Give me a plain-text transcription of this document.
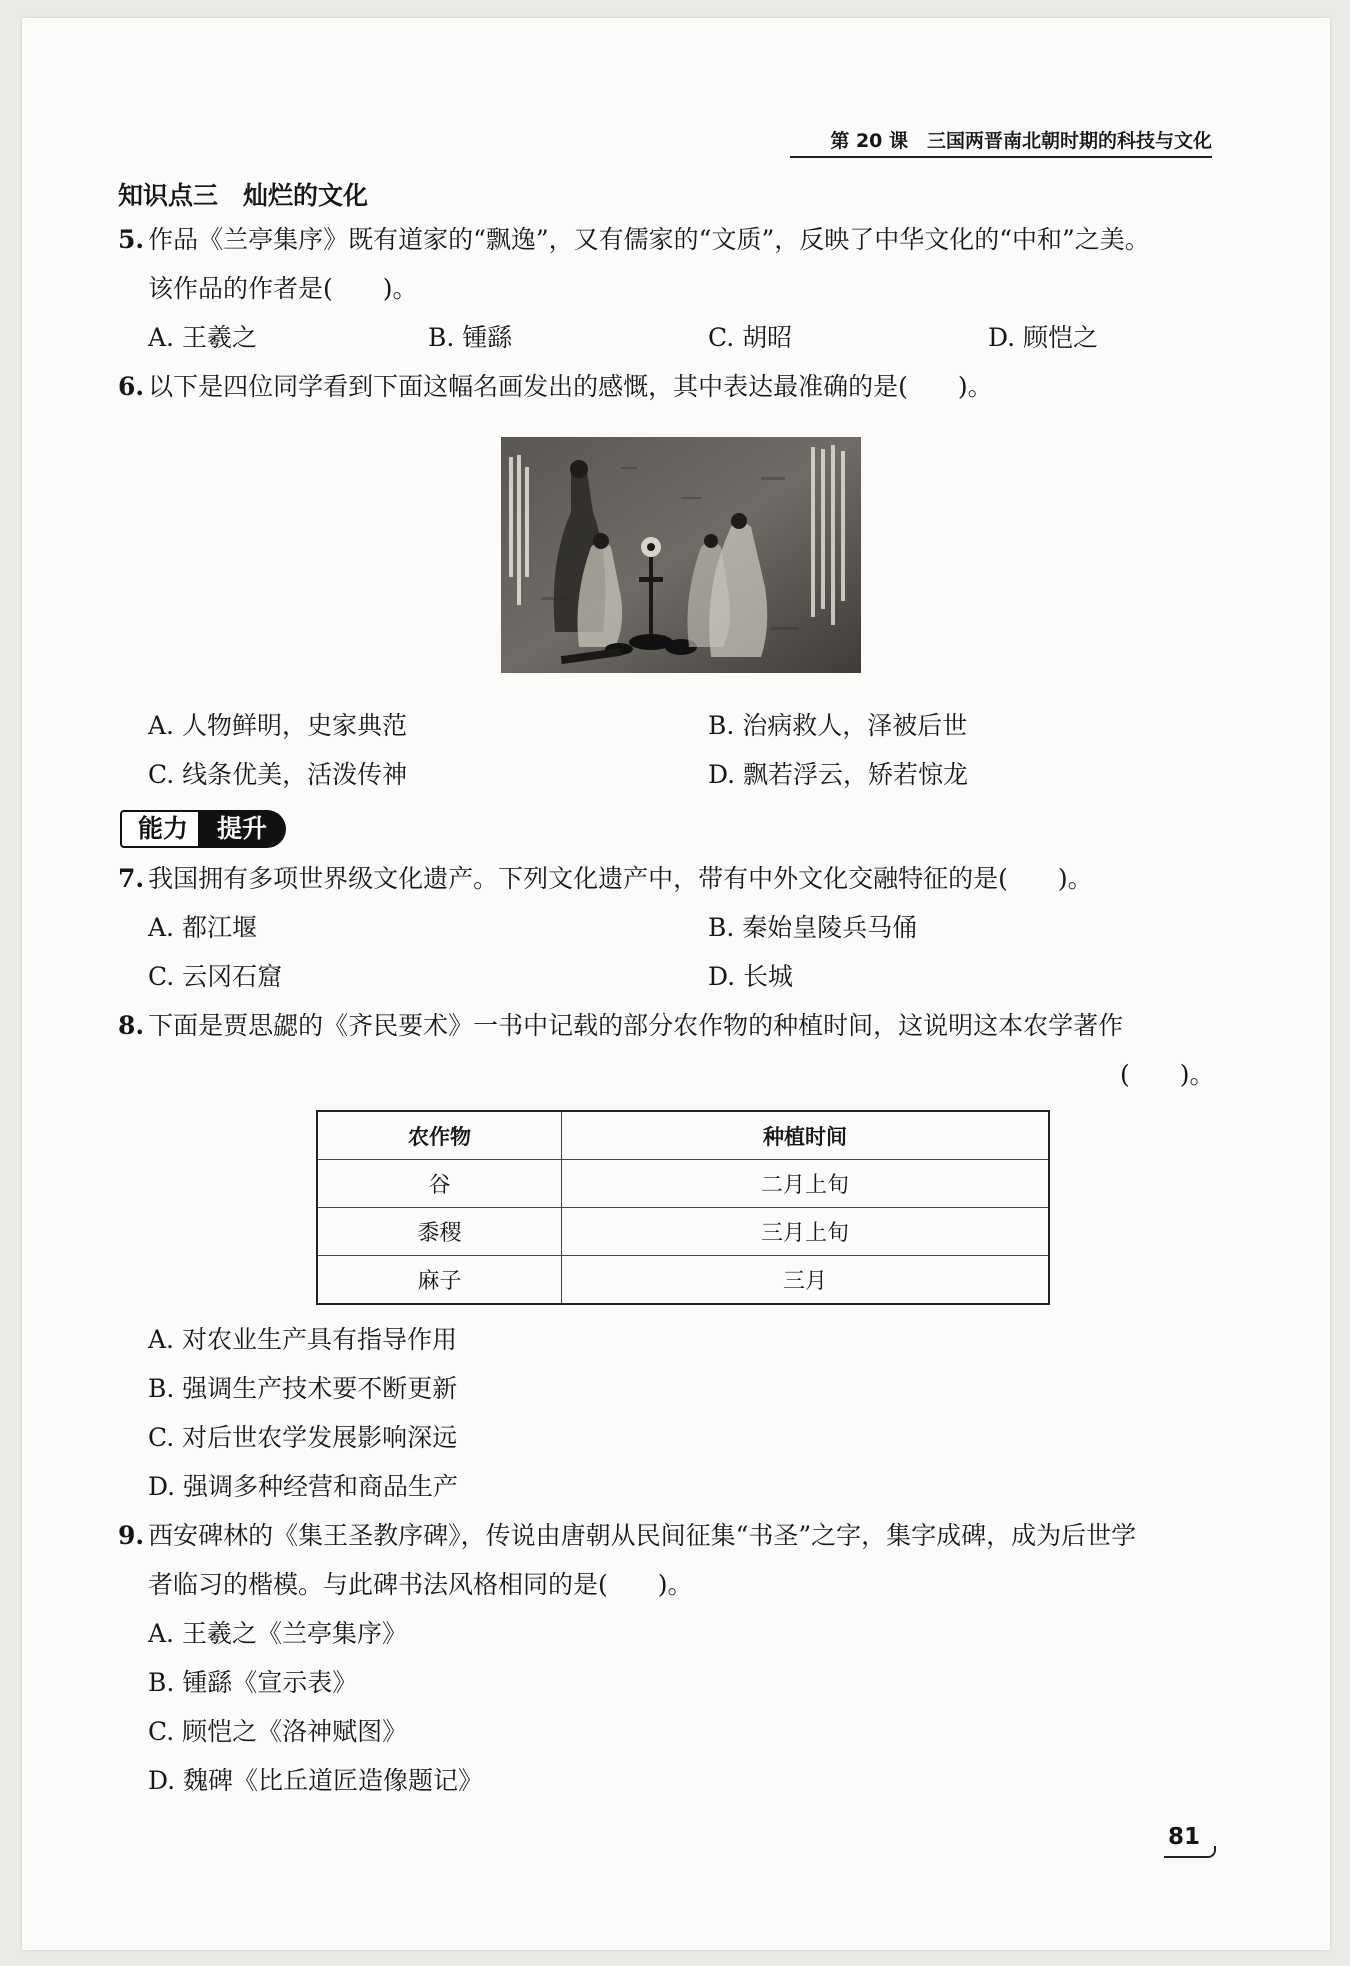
第 20 课　三国两晋南北朝时期的科技与文化
知识点三　灿烂的文化
5. 作品《兰亭集序》既有道家的“飘逸”，又有儒家的“文质”，反映了中华文化的“中和”之美。
该作品的作者是(　　)。
A. 王羲之	B. 锺繇	C. 胡昭	D. 顾恺之
6. 以下是四位同学看到下面这幅名画发出的感慨，其中表达最准确的是(　　)。
A. 人物鲜明，史家典范	B. 治病救人，泽被后世
C. 线条优美，活泼传神	D. 飘若浮云，矫若惊龙
能力	提升
7. 我国拥有多项世界级文化遗产。下列文化遗产中，带有中外文化交融特征的是(　　)。
A. 都江堰	B. 秦始皇陵兵马俑
C. 云冈石窟	D. 长城
8. 下面是贾思勰的《齐民要术》一书中记载的部分农作物的种植时间，这说明这本农学著作
(　　)。
农作物	种植时间
谷	二月上旬
黍稷	三月上旬
麻子	三月
A. 对农业生产具有指导作用
B. 强调生产技术要不断更新
C. 对后世农学发展影响深远
D. 强调多种经营和商品生产
9. 西安碑林的《集王圣教序碑》，传说由唐朝从民间征集“书圣”之字，集字成碑，成为后世学
者临习的楷模。与此碑书法风格相同的是(　　)。
A. 王羲之《兰亭集序》
B. 锺繇《宣示表》
C. 顾恺之《洛神赋图》
D. 魏碑《比丘道匠造像题记》
81
